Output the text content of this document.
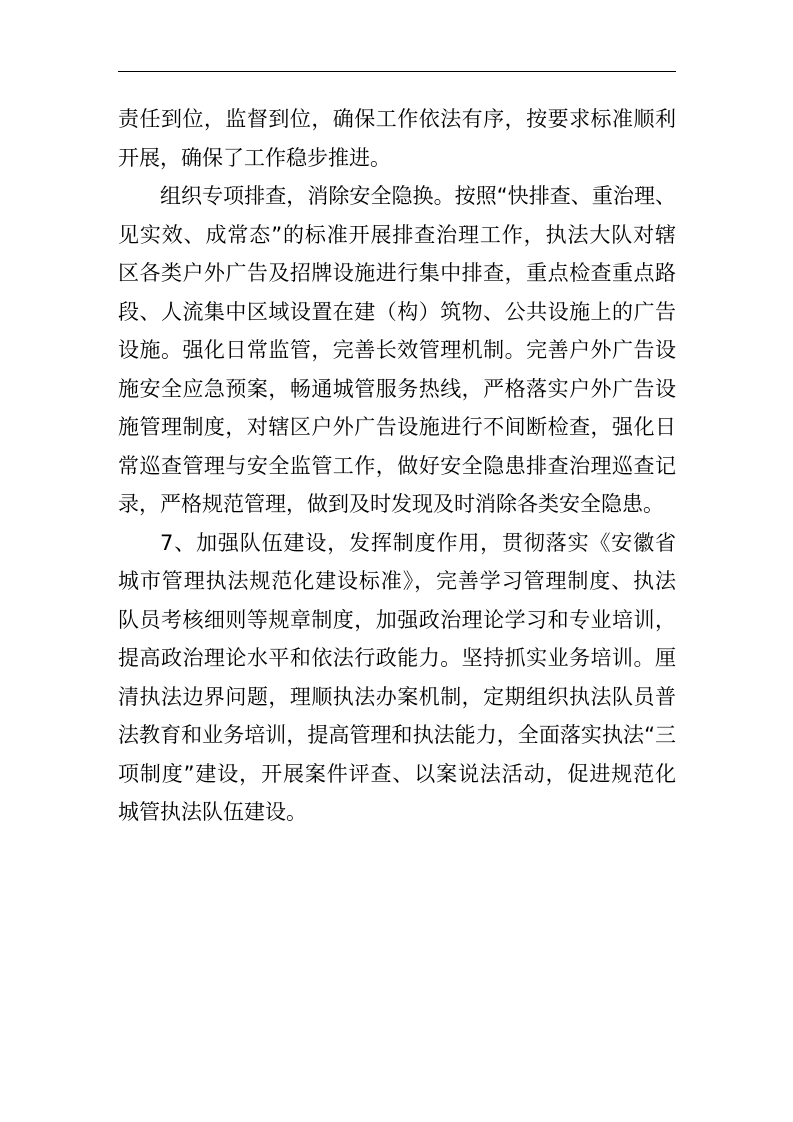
责任到位，监督到位，确保工作依法有序，按要求标准顺利
开展，确保了工作稳步推进。
组织专项排查，消除安全隐换。按照“快排查、重治理、
见实效、成常态”的标准开展排查治理工作，执法大队对辖
区各类户外广告及招牌设施进行集中排查，重点检查重点路
段、人流集中区域设置在建（构）筑物、公共设施上的广告
设施。强化日常监管，完善长效管理机制。完善户外广告设
施安全应急预案，畅通城管服务热线，严格落实户外广告设
施管理制度，对辖区户外广告设施进行不间断检查，强化日
常巡查管理与安全监管工作，做好安全隐患排查治理巡查记
录，严格规范管理，做到及时发现及时消除各类安全隐患。
7、加强队伍建设，发挥制度作用，贯彻落实《安徽省
城市管理执法规范化建设标准》，完善学习管理制度、执法
队员考核细则等规章制度，加强政治理论学习和专业培训，
提高政治理论水平和依法行政能力。坚持抓实业务培训。厘
清执法边界问题，理顺执法办案机制，定期组织执法队员普
法教育和业务培训，提高管理和执法能力，全面落实执法“三
项制度”建设，开展案件评查、以案说法活动，促进规范化
城管执法队伍建设。
